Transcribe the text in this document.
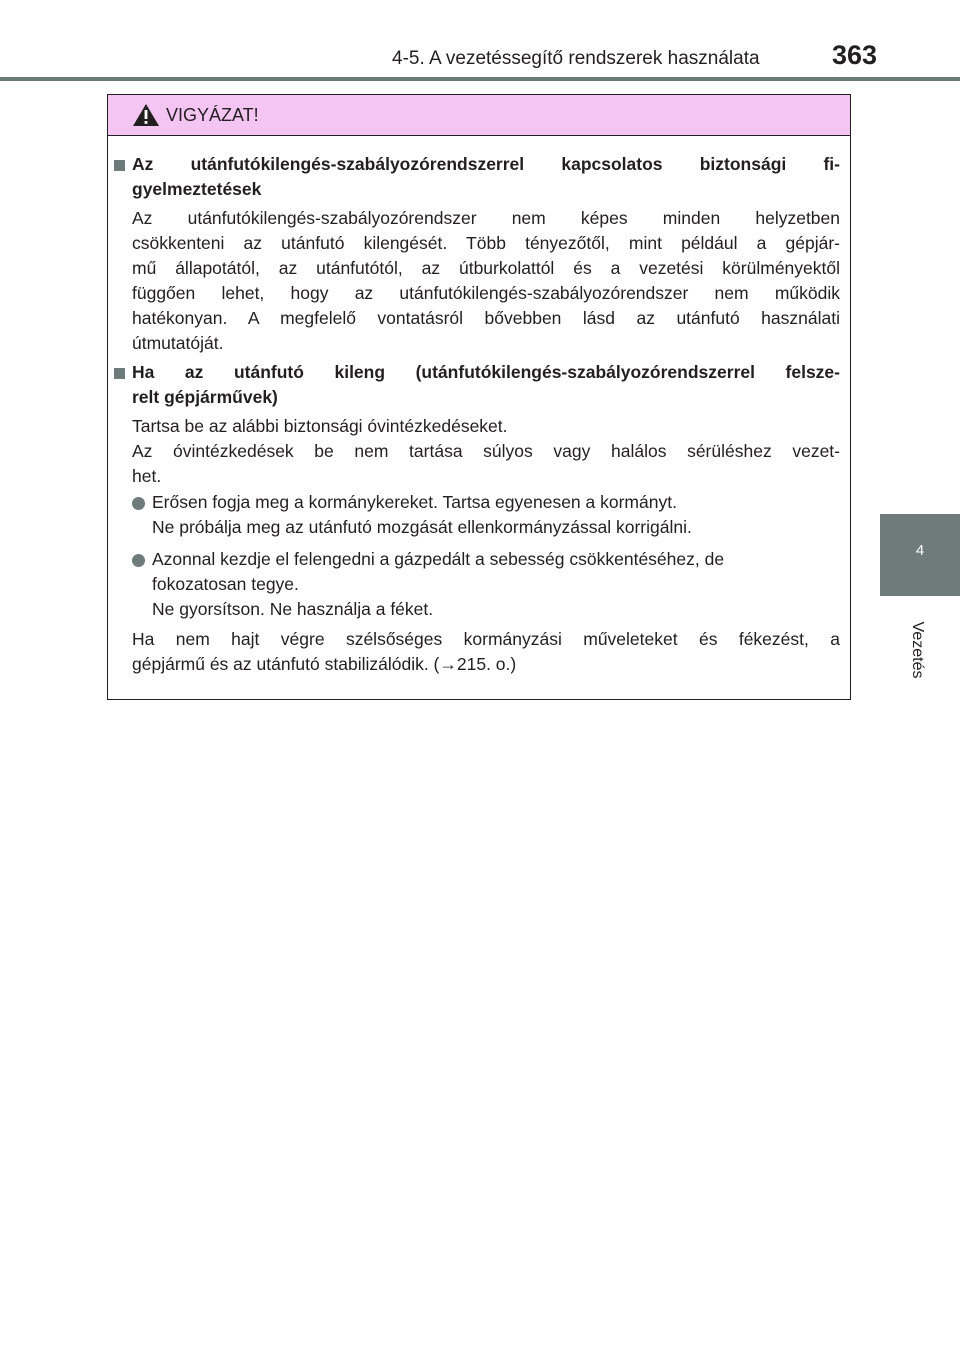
4-5. A vezetéssegítő rendszerek használata	363
4
Vezetés
VIGYÁZAT!
Az utánfutókilengés-szabályozórendszerrel kapcsolatos biztonsági fi-
gyelmeztetések
Az utánfutókilengés-szabályozórendszer nem képes minden helyzetben
csökkenteni az utánfutó kilengését. Több tényezőtől, mint például a gépjár-
mű állapotától, az utánfutótól, az útburkolattól és a vezetési körülményektől
függően lehet, hogy az utánfutókilengés-szabályozórendszer nem működik
hatékonyan. A megfelelő vontatásról bővebben lásd az utánfutó használati
útmutatóját.
Ha az utánfutó kileng (utánfutókilengés-szabályozórendszerrel felsze-
relt gépjárművek)
Tartsa be az alábbi biztonsági óvintézkedéseket.
Az óvintézkedések be nem tartása súlyos vagy halálos sérüléshez vezet-
het.
Erősen fogja meg a kormánykereket. Tartsa egyenesen a kormányt.
Ne próbálja meg az utánfutó mozgását ellenkormányzással korrigálni.
Azonnal kezdje el felengedni a gázpedált a sebesség csökkentéséhez, de
fokozatosan tegye.
Ne gyorsítson. Ne használja a féket.
Ha nem hajt végre szélsőséges kormányzási műveleteket és fékezést, a
gépjármű és az utánfutó stabilizálódik. (→215. o.)
